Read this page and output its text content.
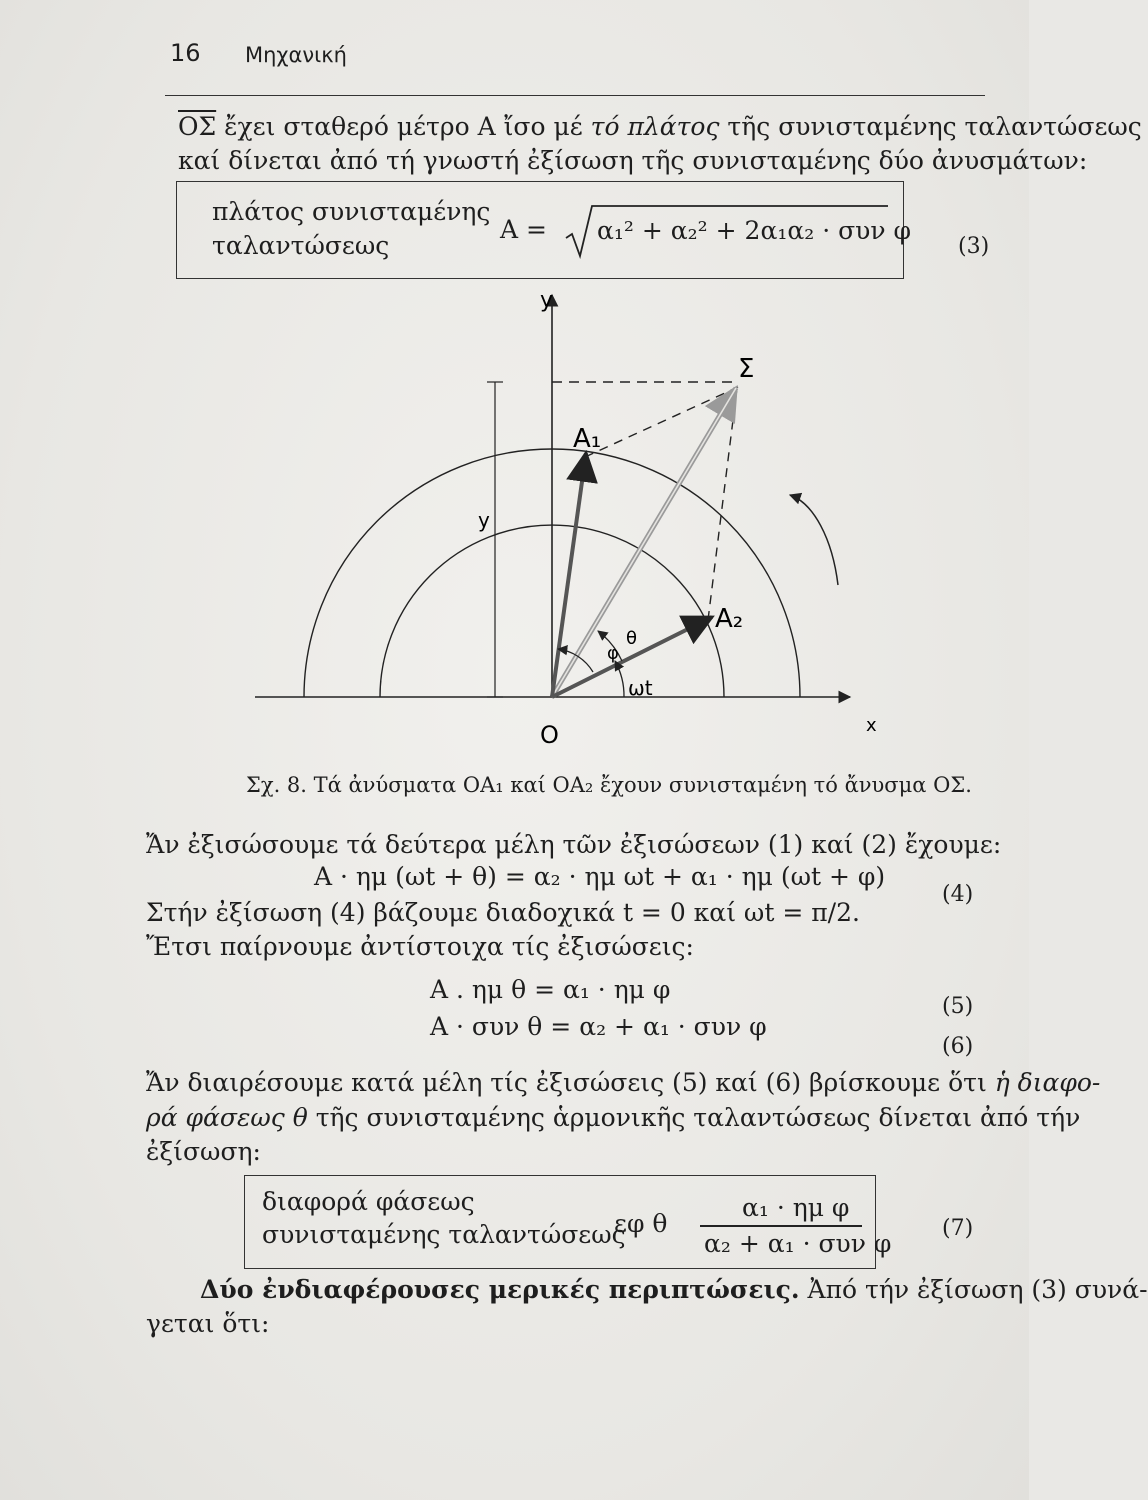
16 Μηχανική
$\overline{O\Sigma}$ ἔχει σταθερό μέτρο Α ἴσο μέ τό πλάτος τῆς συνισταμένης ταλαντώσεως
καί δίνεται ἀπό τή γνωστή ἐξίσωση τῆς συνισταμένης δύο ἀνυσμάτων:
πλάτος συνισταμένης
ταλαντώσεως
A = α₁² + α₂² + 2α₁α₂ · συν φ
(3)
y
x
O
Σ
A₁
A₂
y
θ
φ
ωt
Σχ. 8. Τά ἀνύσματα ΟΑ₁ καί ΟΑ₂ ἔχουν συνισταμένη τό ἄνυσμα ΟΣ.
Ἄν ἐξισώσουμε τά δεύτερα μέλη τῶν ἐξισώσεων (1) καί (2) ἔχουμε:
A · ημ (ωt + θ) = α₂ · ημ ωt + α₁ · ημ (ωt + φ)
(4)
Στήν ἐξίσωση (4) βάζουμε διαδοχικά t = 0 καί ωt = π/2.
Ἔτσι παίρνουμε ἀντίστοιχα τίς ἐξισώσεις:
A . ημ θ = α₁ · ημ φ
(5)
A · συν θ = α₂ + α₁ · συν φ
(6)
Ἄν διαιρέσουμε κατά μέλη τίς ἐξισώσεις (5) καί (6) βρίσκουμε ὅτι ἡ διαφο-
ρά φάσεως θ τῆς συνισταμένης ἁρμονικῆς ταλαντώσεως δίνεται ἀπό τήν
ἐξίσωση:
διαφορά φάσεως
συνισταμένης ταλαντώσεως
εφ θ
α₁ · ημ φ
α₂ + α₁ · συν φ
(7)
Δύο ἐνδιαφέρουσες μερικές περιπτώσεις. Ἀπό τήν ἐξίσωση (3) συνά-
γεται ὅτι:
